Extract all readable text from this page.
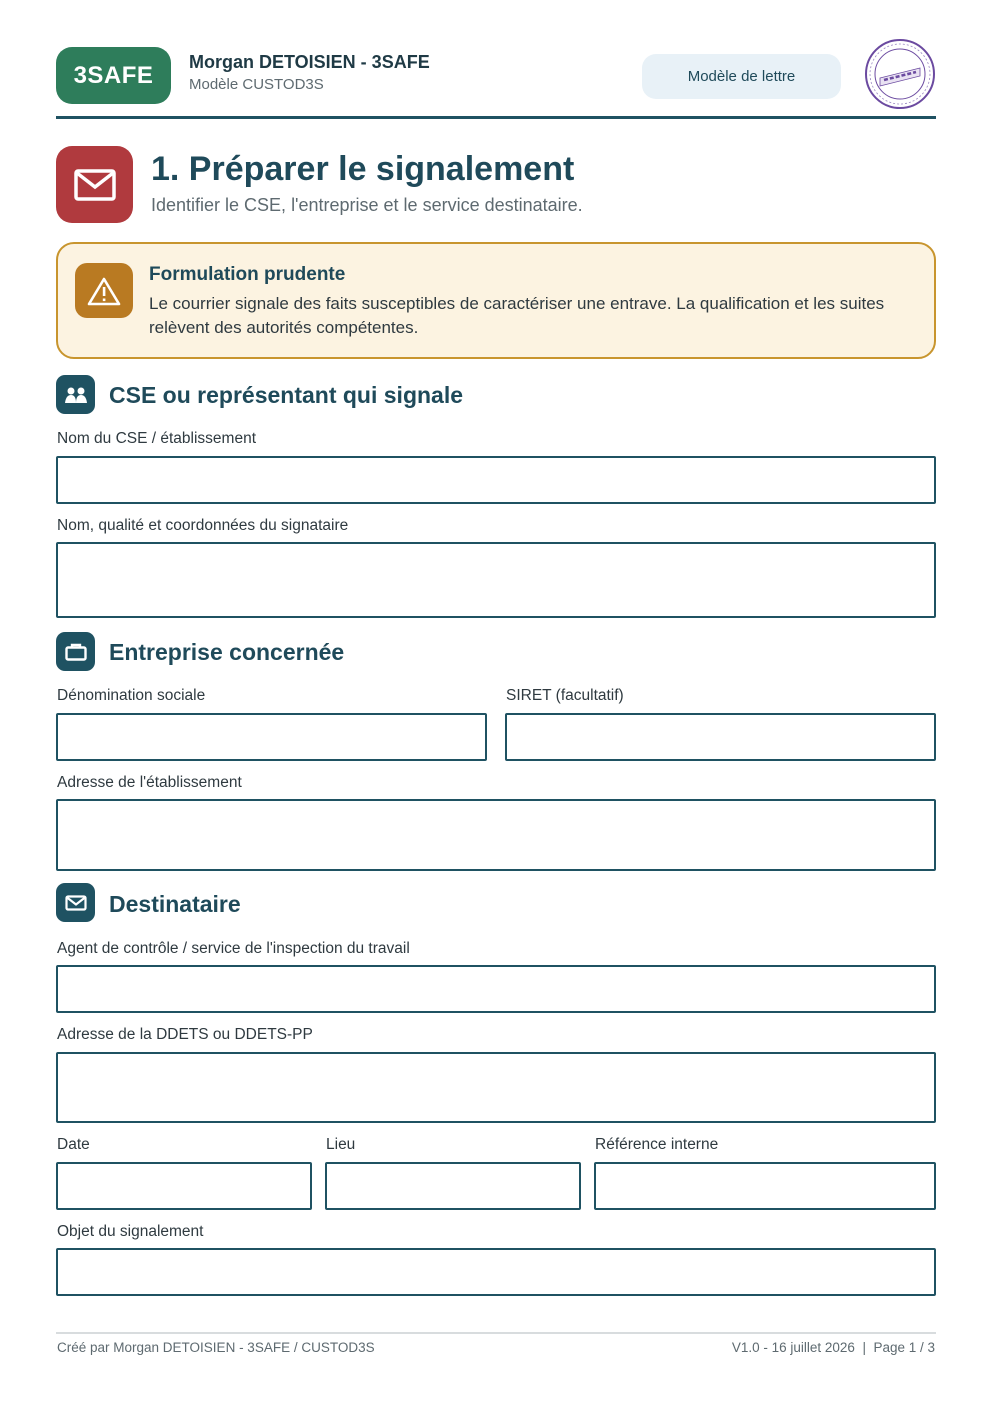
3SAFE	Morgan DETOISIEN - 3SAFE
Modèle CUSTOD3S	Modèle de lettre
1. Préparer le signalement
Identifier le CSE, l'entreprise et le service destinataire.
Formulation prudente
Le courrier signale des faits susceptibles de caractériser une entrave. La qualification et les suites relèvent des autorités compétentes.
CSE ou représentant qui signale
Nom du CSE / établissement
Nom, qualité et coordonnées du signataire
Entreprise concernée
Dénomination sociale	SIRET (facultatif)
Adresse de l'établissement
Destinataire
Agent de contrôle / service de l'inspection du travail
Adresse de la DDETS ou DDETS-PP
Date	Lieu	Référence interne
Objet du signalement
Créé par Morgan DETOISIEN - 3SAFE / CUSTOD3S	V1.0 - 16 juillet 2026  |  Page 1 / 3
